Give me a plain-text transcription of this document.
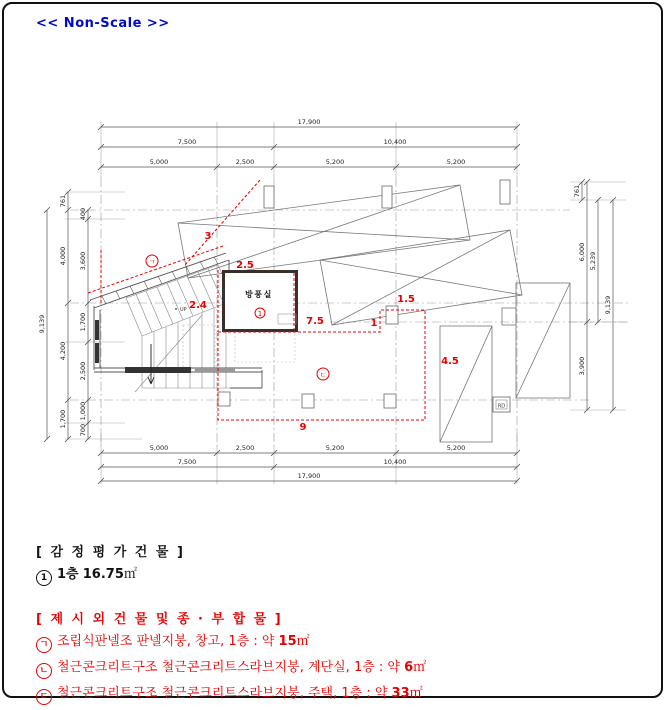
<< Non-Scale >>
17,900
7,500	10,400
5,000	2,500	5,200	5,200
5,000	2,500	5,200	5,200
7,500	10,400
17,900
9,139
761
4,000
4,200
1,700
400
3,600
1,700
2,500
1,000
700
761
6,000
3,900
5,239
9,139
RD
UP
방풍실
3
2.5
2.4
7.5	1
1.5
4.5
9
ㄱ
ㄷ
1
[ 감 정 평 가 건 물 ]
1 1층 16.75㎡
[ 제 시 외 건 물 및 종 · 부 합 물 ]
ㄱ 조립식판넬조 판넬지붕, 창고, 1층 : 약 15㎡
ㄴ 철근콘크리트구조 철근콘크리트스라브지붕, 계단실, 1층 : 약 6㎡
ㄷ 철근콘크리트구조 철근콘크리트스라브지붕, 주택, 1층 : 약 33㎡
